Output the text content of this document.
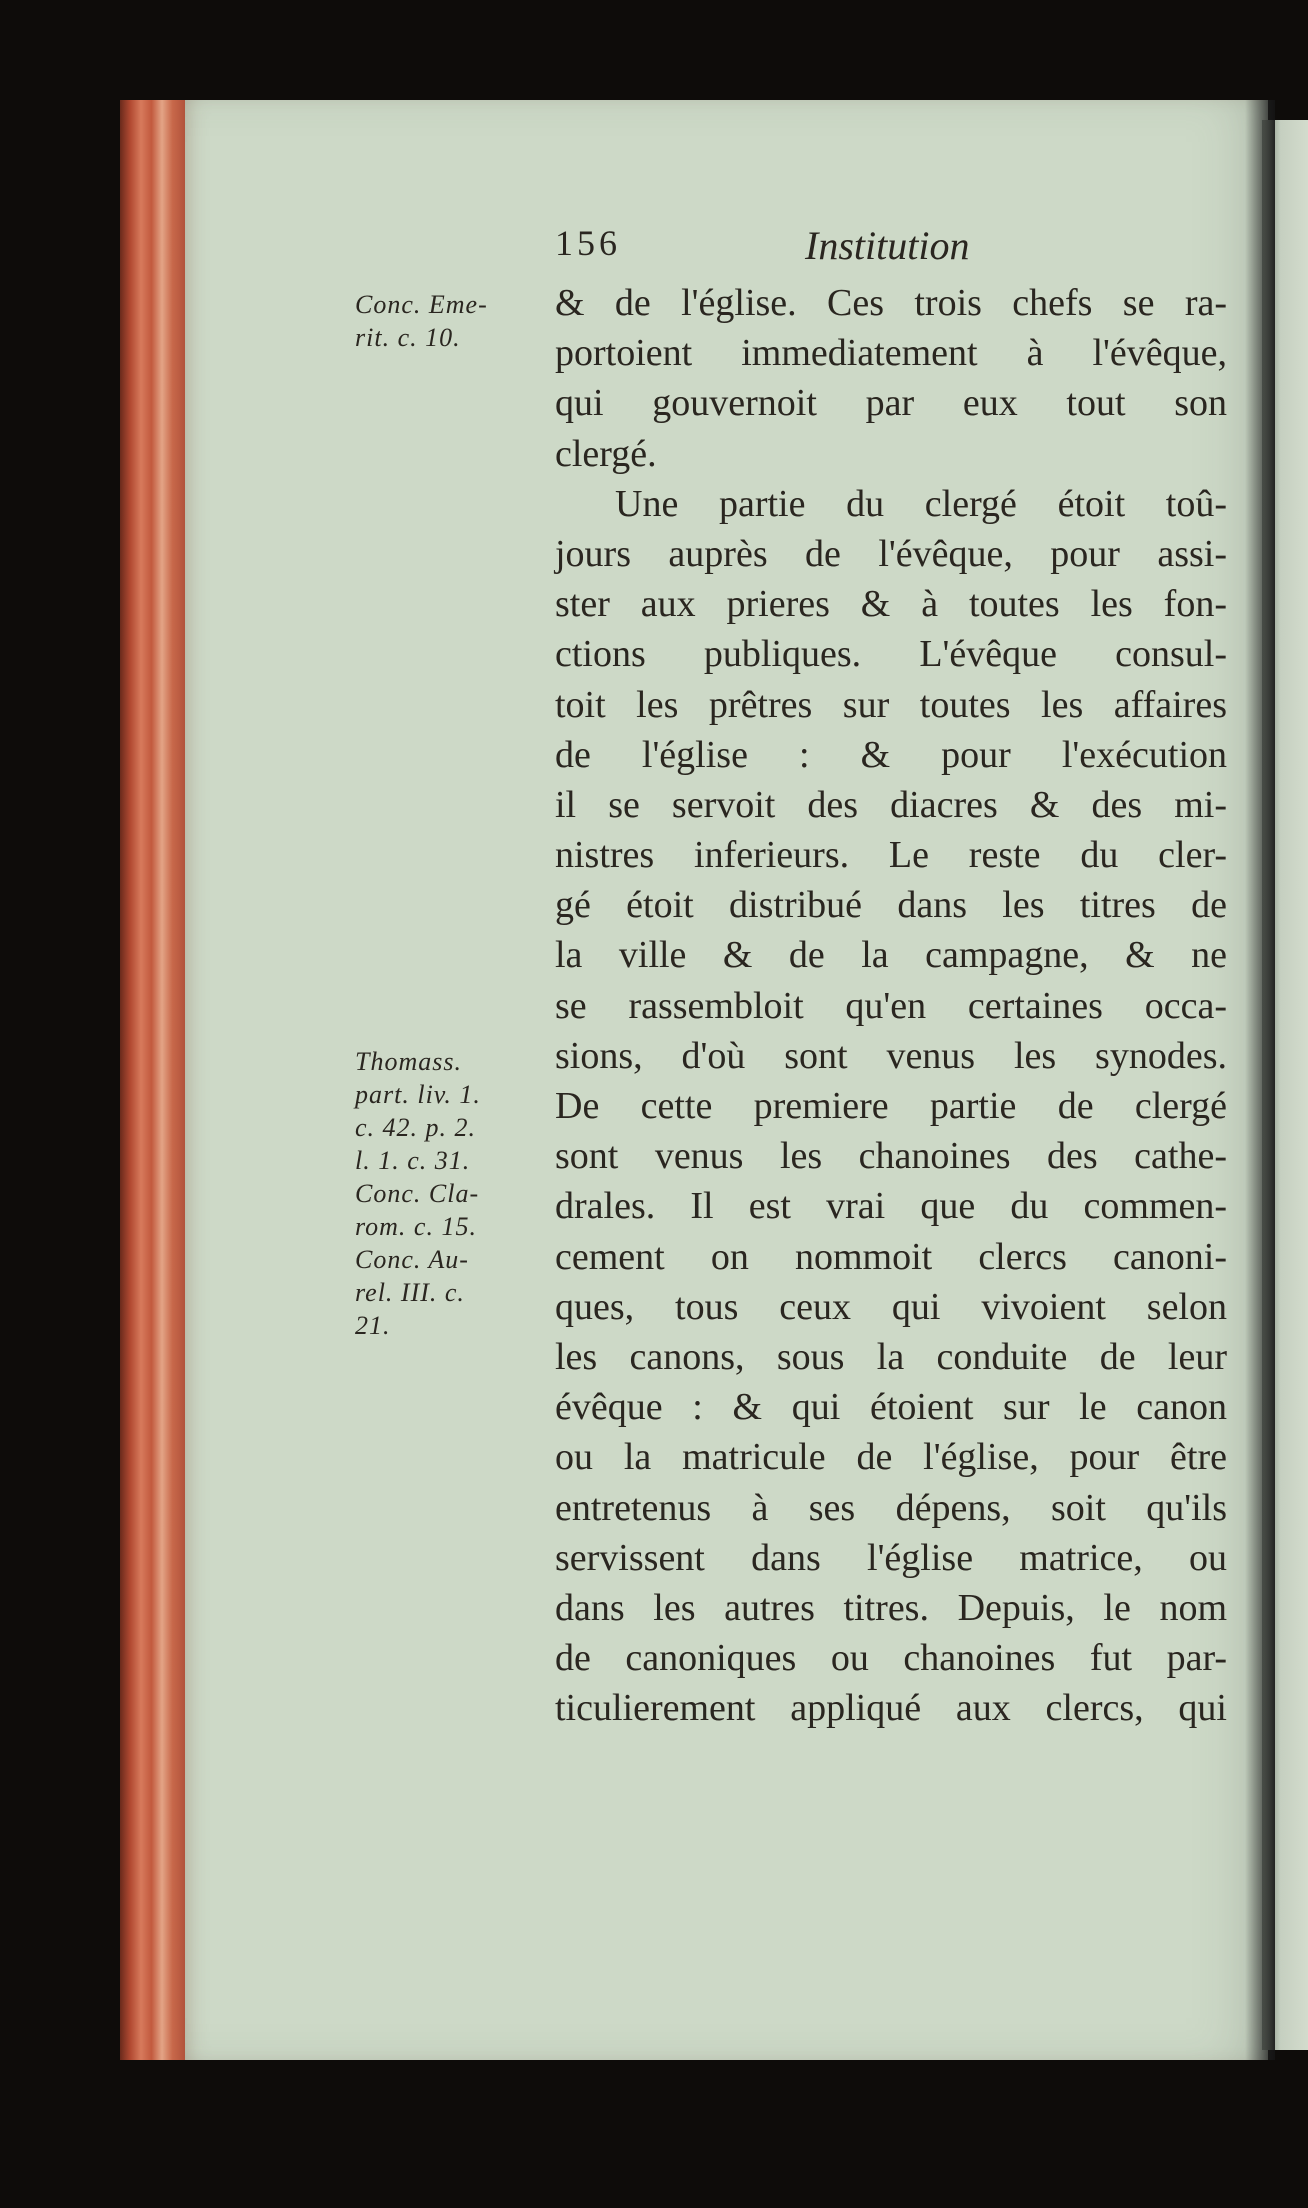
156	Institution

Conc. Eme-
rit. c. 10.

Thomass.
part. liv. 1.
c. 42. p. 2.
l. 1. c. 31.
Conc. Cla-
rom. c. 15.
Conc. Au-
rel. III. c.
21.

& de l'église. Ces trois chefs se ra-
portoient immediatement à l'évêque,
qui gouvernoit par eux tout son
clergé.
Une partie du clergé étoit toû-
jours auprès de l'évêque, pour assi-
ster aux prieres & à toutes les fon-
ctions publiques. L'évêque consul-
toit les prêtres sur toutes les affaires
de l'église : & pour l'exécution
il se servoit des diacres & des mi-
nistres inferieurs. Le reste du cler-
gé étoit distribué dans les titres de
la ville & de la campagne, & ne
se rassembloit qu'en certaines occa-
sions, d'où sont venus les synodes.
De cette premiere partie de clergé
sont venus les chanoines des cathe-
drales. Il est vrai que du commen-
cement on nommoit clercs canoni-
ques, tous ceux qui vivoient selon
les canons, sous la conduite de leur
évêque : & qui étoient sur le canon
ou la matricule de l'église, pour être
entretenus à ses dépens, soit qu'ils
servissent dans l'église matrice, ou
dans les autres titres. Depuis, le nom
de canoniques ou chanoines fut par-
ticulierement appliqué aux clercs, qui
